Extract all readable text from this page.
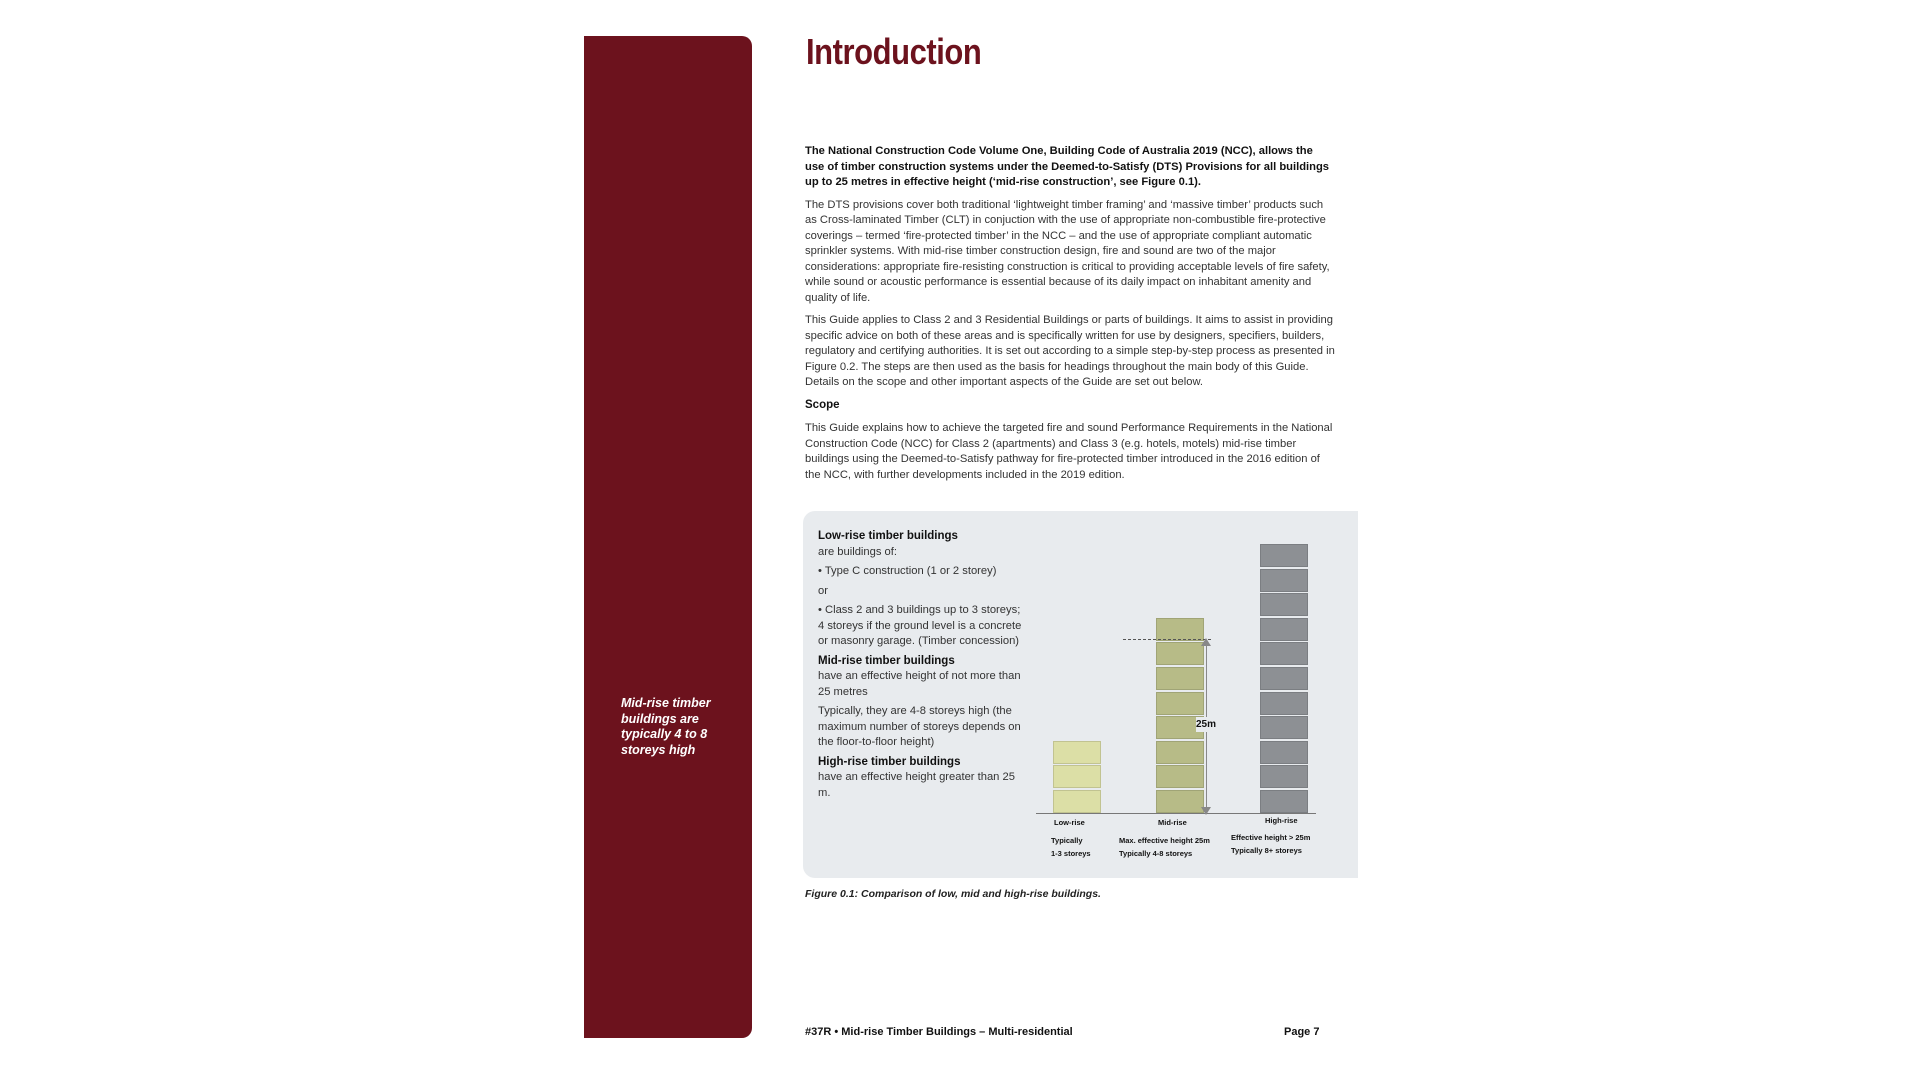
Mid-rise timber buildings are typically 4 to 8 storeys high

Introduction

The National Construction Code Volume One, Building Code of Australia 2019 (NCC), allows the use of timber construction systems under the Deemed-to-Satisfy (DTS) Provisions for all buildings up to 25 metres in effective height (‘mid-rise construction’, see Figure 0.1).

The DTS provisions cover both traditional ‘lightweight timber framing’ and ‘massive timber’ products such as Cross-laminated Timber (CLT) in conjuction with the use of appropriate non-combustible fire-protective coverings – termed ‘fire-protected timber’ in the NCC – and the use of appropriate compliant automatic sprinkler systems. With mid-rise timber construction design, fire and sound are two of the major considerations: appropriate fire-resisting construction is critical to providing acceptable levels of fire safety, while sound or acoustic performance is essential because of its daily impact on inhabitant amenity and quality of life.

This Guide applies to Class 2 and 3 Residential Buildings or parts of buildings. It aims to assist in providing specific advice on both of these areas and is specifically written for use by designers, specifiers, builders, regulatory and certifying authorities. It is set out according to a simple step-by-step process as presented in Figure 0.2. The steps are then used as the basis for headings throughout the main body of this Guide. Details on the scope and other important aspects of the Guide are set out below.

Scope

This Guide explains how to achieve the targeted fire and sound Performance Requirements in the National Construction Code (NCC) for Class 2 (apartments) and Class 3 (e.g. hotels, motels) mid-rise timber buildings using the Deemed-to-Satisfy pathway for fire-protected timber introduced in the 2016 edition of the NCC, with further developments included in the 2019 edition.

Low-rise timber buildings

are buildings of:

• Type C construction (1 or 2 storey)

or

• Class 2 and 3 buildings up to 3 storeys; 4 storeys if the ground level is a concrete or masonry garage. (Timber concession)

Mid-rise timber buildings

have an effective height of not more than 25 metres

Typically, they are 4-8 storeys high (the maximum number of storeys depends on the floor-to-floor height)

High-rise timber buildings

have an effective height greater than 25 m.

25m
Low-rise
Typically
1-3 storeys
Mid-rise
Max. effective height 25m
Typically 4-8 storeys
High-rise
Effective height > 25m
Typically 8+ storeys

Figure 0.1: Comparison of low, mid and high-rise buildings.

#37R • Mid-rise Timber Buildings – Multi-residential	Page 7
